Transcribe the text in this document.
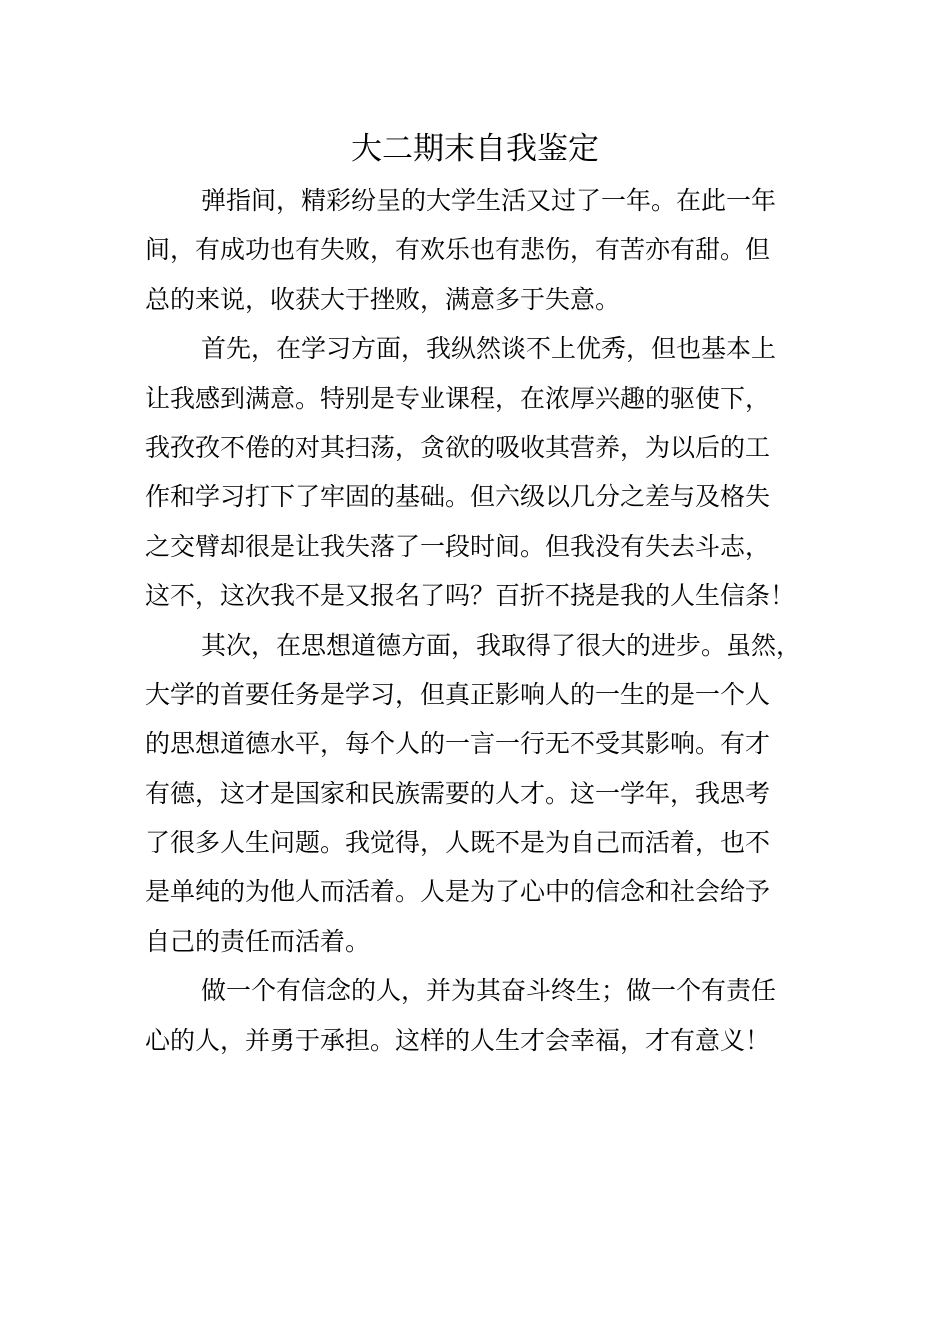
大二期末自我鉴定
弹指间，精彩纷呈的大学生活又过了一年。在此一年
间，有成功也有失败，有欢乐也有悲伤，有苦亦有甜。但
总的来说，收获大于挫败，满意多于失意。
首先，在学习方面，我纵然谈不上优秀，但也基本上
让我感到满意。特别是专业课程，在浓厚兴趣的驱使下，
我孜孜不倦的对其扫荡，贪欲的吸收其营养，为以后的工
作和学习打下了牢固的基础。但六级以几分之差与及格失
之交臂却很是让我失落了一段时间。但我没有失去斗志，
这不，这次我不是又报名了吗？百折不挠是我的人生信条！
其次，在思想道德方面，我取得了很大的进步。虽然，
大学的首要任务是学习，但真正影响人的一生的是一个人
的思想道德水平，每个人的一言一行无不受其影响。有才
有德，这才是国家和民族需要的人才。这一学年，我思考
了很多人生问题。我觉得，人既不是为自己而活着，也不
是单纯的为他人而活着。人是为了心中的信念和社会给予
自己的责任而活着。
做一个有信念的人，并为其奋斗终生；做一个有责任
心的人，并勇于承担。这样的人生才会幸福，才有意义！
